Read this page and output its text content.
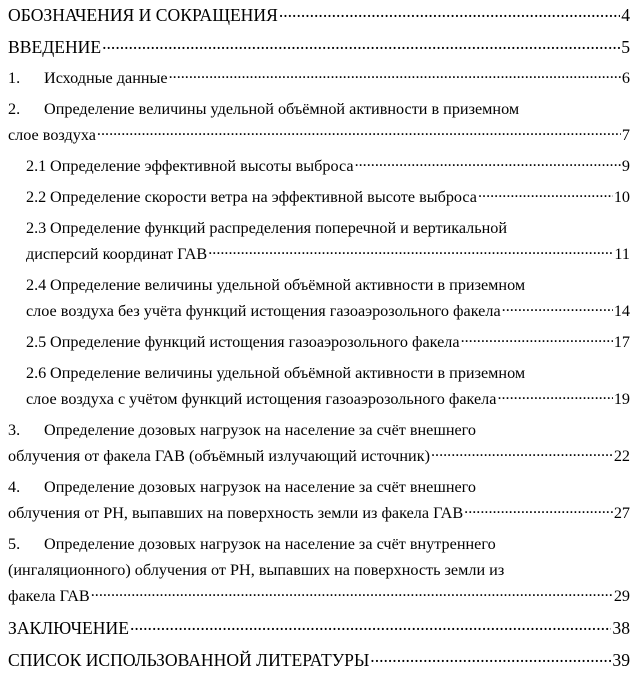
ОБОЗНАЧЕНИЯ И СОКРАЩЕНИЯ .....	4
ВВЕДЕНИЕ .....	5
1.	Исходные данные .....	6
2.	Определение величины удельной объёмной активности в приземном
слое воздуха .....	7
2.1 Определение эффективной высоты выброса .....	9
2.2 Определение скорости ветра на эффективной высоте выброса .....	10
2.3 Определение функций распределения поперечной и вертикальной
дисперсий координат ГАВ .....	11
2.4 Определение величины удельной объёмной активности в приземном
слое воздуха без учёта функций истощения газоаэрозольного факела .....	14
2.5 Определение функций истощения газоаэрозольного факела .....	17
2.6 Определение величины удельной объёмной активности в приземном
слое воздуха с учётом функций истощения газоаэрозольного факела .....	19
3.	Определение дозовых нагрузок на население за счёт внешнего
облучения от факела ГАВ (объёмный излучающий источник) .....	22
4.	Определение дозовых нагрузок на население за счёт внешнего
облучения от РН, выпавших на поверхность земли из факела ГАВ .....	27
5.	Определение дозовых нагрузок на население за счёт внутреннего
(ингаляционного) облучения от РН, выпавших на поверхность земли из
факела ГАВ .....	29
ЗАКЛЮЧЕНИЕ .....	38
СПИСОК ИСПОЛЬЗОВАННОЙ ЛИТЕРАТУРЫ .....	39
